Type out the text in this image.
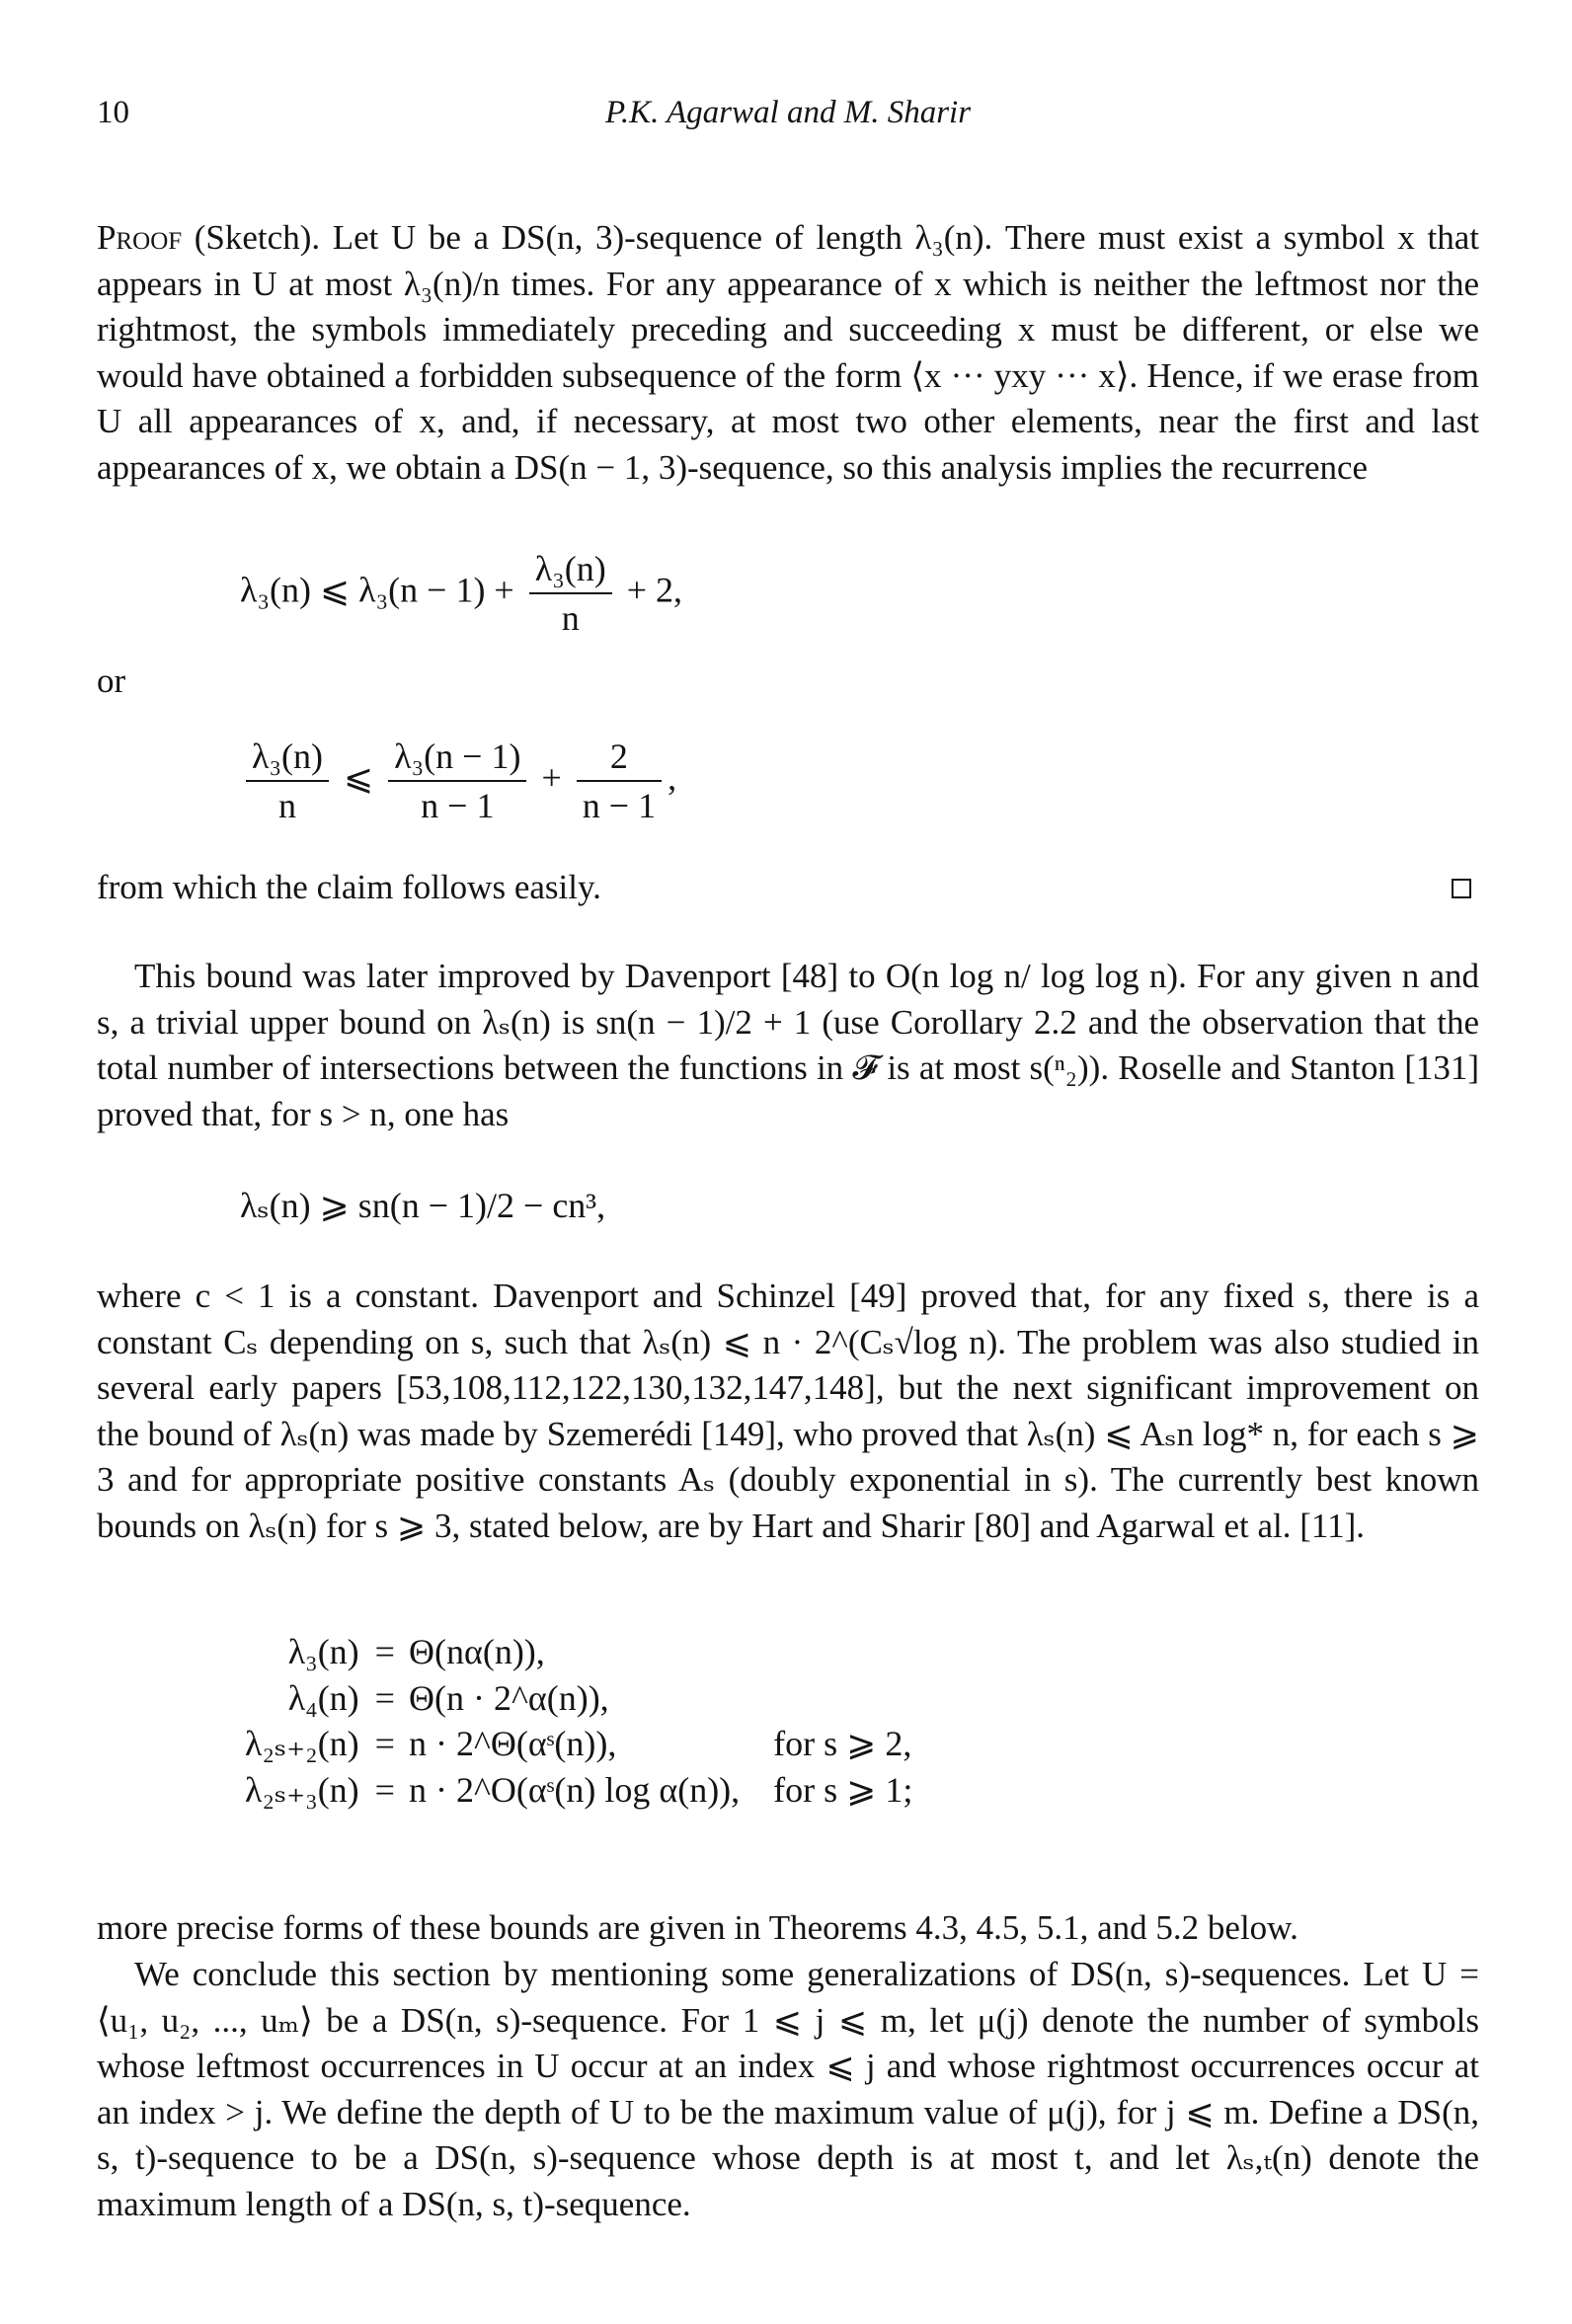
10	P.K. Agarwal and M. Sharir

Proof (Sketch). Let U be a DS(n, 3)-sequence of length λ₃(n). There must exist a symbol x that appears in U at most λ₃(n)/n times. For any appearance of x which is neither the leftmost nor the rightmost, the symbols immediately preceding and succeeding x must be different, or else we would have obtained a forbidden subsequence of the form ⟨x ··· yxy ··· x⟩. Hence, if we erase from U all appearances of x, and, if necessary, at most two other elements, near the first and last appearances of x, we obtain a DS(n − 1, 3)-sequence, so this analysis implies the recurrence

λ₃(n) ⩽ $\lambda_3(n - 1) + \frac{\text{λ₃(n)}}{n} + 2$,
or
$\frac{\text{λ₃(n)}}{n}$ ⩽ $\frac{\text{λ₃(n − 1)}}{n - 1} + \frac{2}{n - 1}$ ,
from which the claim follows easily.

This bound was later improved by Davenport [48] to O(n log n/ log log n). For any given n and s, a trivial upper bound on λₛ(n) is sn(n − 1)/2 + 1 (use Corollary 2.2 and the observation that the total number of intersections between the functions in 𝓕 is at most s(ⁿ₂)). Roselle and Stanton [131] proved that, for s > n, one has

λₛ(n) ⩾ sn(n − 1)/2 − cn³,

where c < 1 is a constant. Davenport and Schinzel [49] proved that, for any fixed s, there is a constant Cₛ depending on s, such that λₛ(n) ⩽ n · 2^(Cₛ√log n). The problem was also studied in several early papers [53,108,112,122,130,132,147,148], but the next significant improvement on the bound of λₛ(n) was made by Szemerédi [149], who proved that λₛ(n) ⩽ Aₛn log* n, for each s ⩾ 3 and for appropriate positive constants Aₛ (doubly exponential in s). The currently best known bounds on λₛ(n) for s ⩾ 3, stated below, are by Hart and Sharir [80] and Agarwal et al. [11].

λ₃(n)	=	Θ(nα(n)),	
λ₄(n)	=	Θ(n · 2^α(n)),	
λ₂ₛ₊₂(n)	=	n · 2^Θ(αˢ(n)),	for s ⩾ 2,
λ₂ₛ₊₃(n)	=	n · 2^O(αˢ(n) log α(n)),	for s ⩾ 1;

more precise forms of these bounds are given in Theorems 4.3, 4.5, 5.1, and 5.2 below.

We conclude this section by mentioning some generalizations of DS(n, s)-sequences. Let U = ⟨u₁, u₂, ..., uₘ⟩ be a DS(n, s)-sequence. For 1 ⩽ j ⩽ m, let μ(j) denote the number of symbols whose leftmost occurrences in U occur at an index ⩽ j and whose rightmost occurrences occur at an index > j. We define the depth of U to be the maximum value of μ(j), for j ⩽ m. Define a DS(n, s, t)-sequence to be a DS(n, s)-sequence whose depth is at most t, and let λₛ,ₜ(n) denote the maximum length of a DS(n, s, t)-sequence.
